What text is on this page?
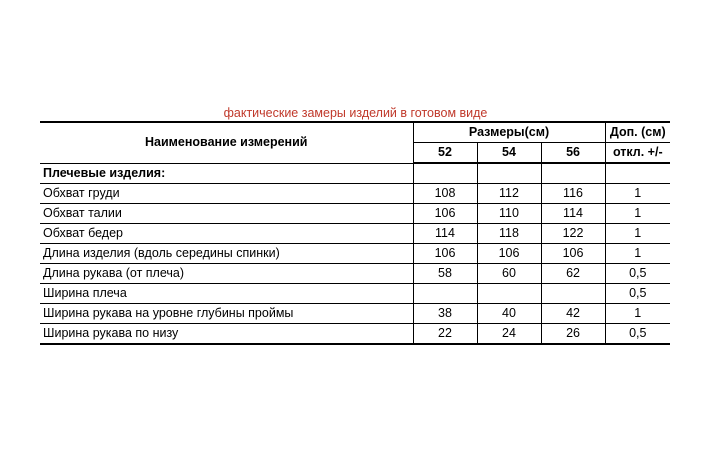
фактические замеры изделий в готовом виде
Наименование измерений	Размеры(см)			Доп. (см)
	52	54	56	откл. +/-
Плечевые изделия:				
Обхват груди	108	112	116	1
Обхват талии	106	110	114	1
Обхват бедер	114	118	122	1
Длина изделия (вдоль середины спинки)	106	106	106	1
Длина рукава (от плеча)	58	60	62	0,5
Ширина плеча				0,5
Ширина рукава на уровне глубины проймы	38	40	42	1
Ширина рукава по низу	22	24	26	0,5
